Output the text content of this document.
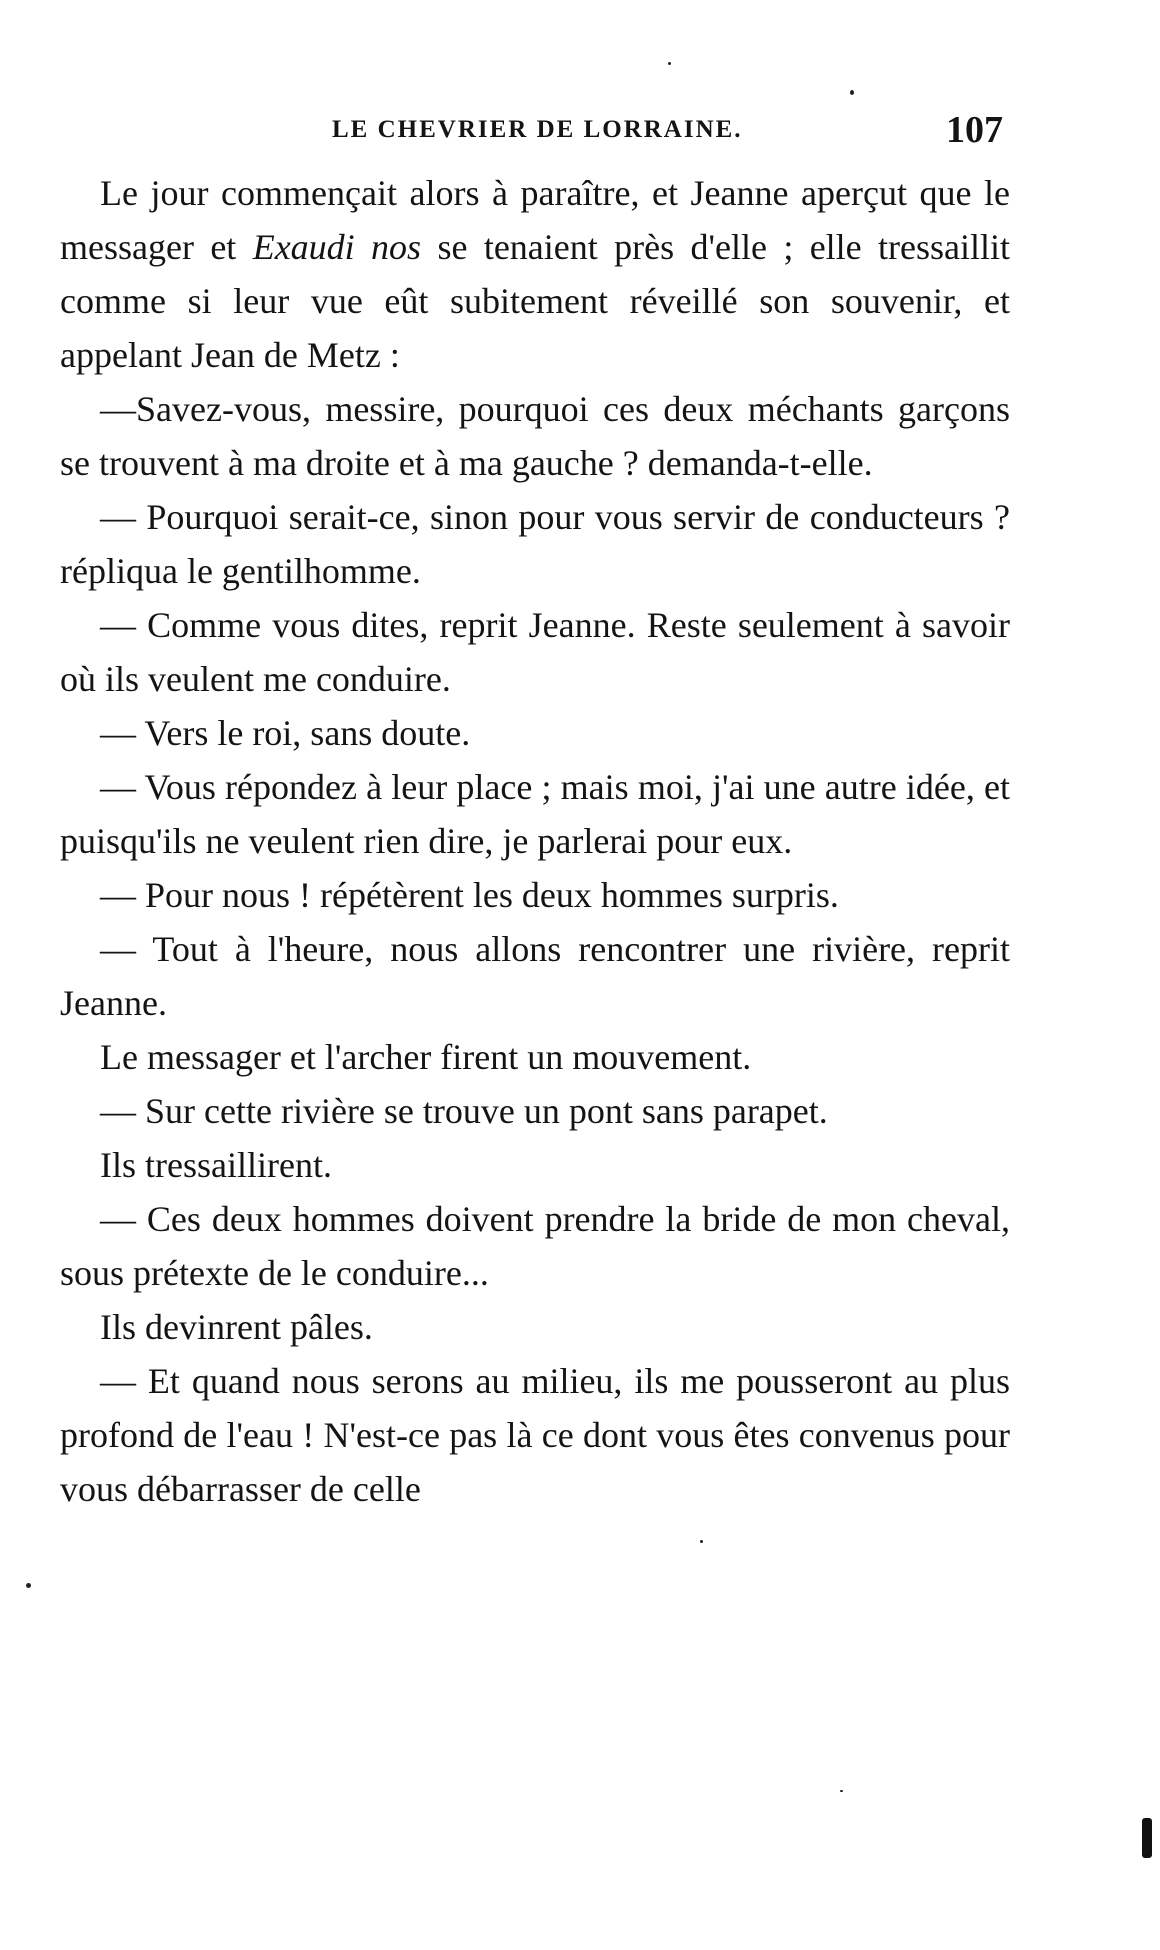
LE CHEVRIER DE LORRAINE.	107

Le jour commençait alors à paraître, et Jeanne aperçut que le messager et Exaudi nos se tenaient près d'elle ; elle tressaillit comme si leur vue eût subitement réveillé son souvenir, et appelant Jean de Metz :

—Savez-vous, messire, pourquoi ces deux méchants garçons se trouvent à ma droite et à ma gauche ? demanda-t-elle.

— Pourquoi serait-ce, sinon pour vous servir de conducteurs ? répliqua le gentilhomme.

— Comme vous dites, reprit Jeanne. Reste seulement à savoir où ils veulent me conduire.

— Vers le roi, sans doute.

— Vous répondez à leur place ; mais moi, j'ai une autre idée, et puisqu'ils ne veulent rien dire, je parlerai pour eux.

— Pour nous ! répétèrent les deux hommes surpris.

— Tout à l'heure, nous allons rencontrer une rivière, reprit Jeanne.

Le messager et l'archer firent un mouvement.

— Sur cette rivière se trouve un pont sans parapet.

Ils tressaillirent.

— Ces deux hommes doivent prendre la bride de mon cheval, sous prétexte de le conduire...

Ils devinrent pâles.

— Et quand nous serons au milieu, ils me pousseront au plus profond de l'eau ! N'est-ce pas là ce dont vous êtes convenus pour vous débarrasser de celle
